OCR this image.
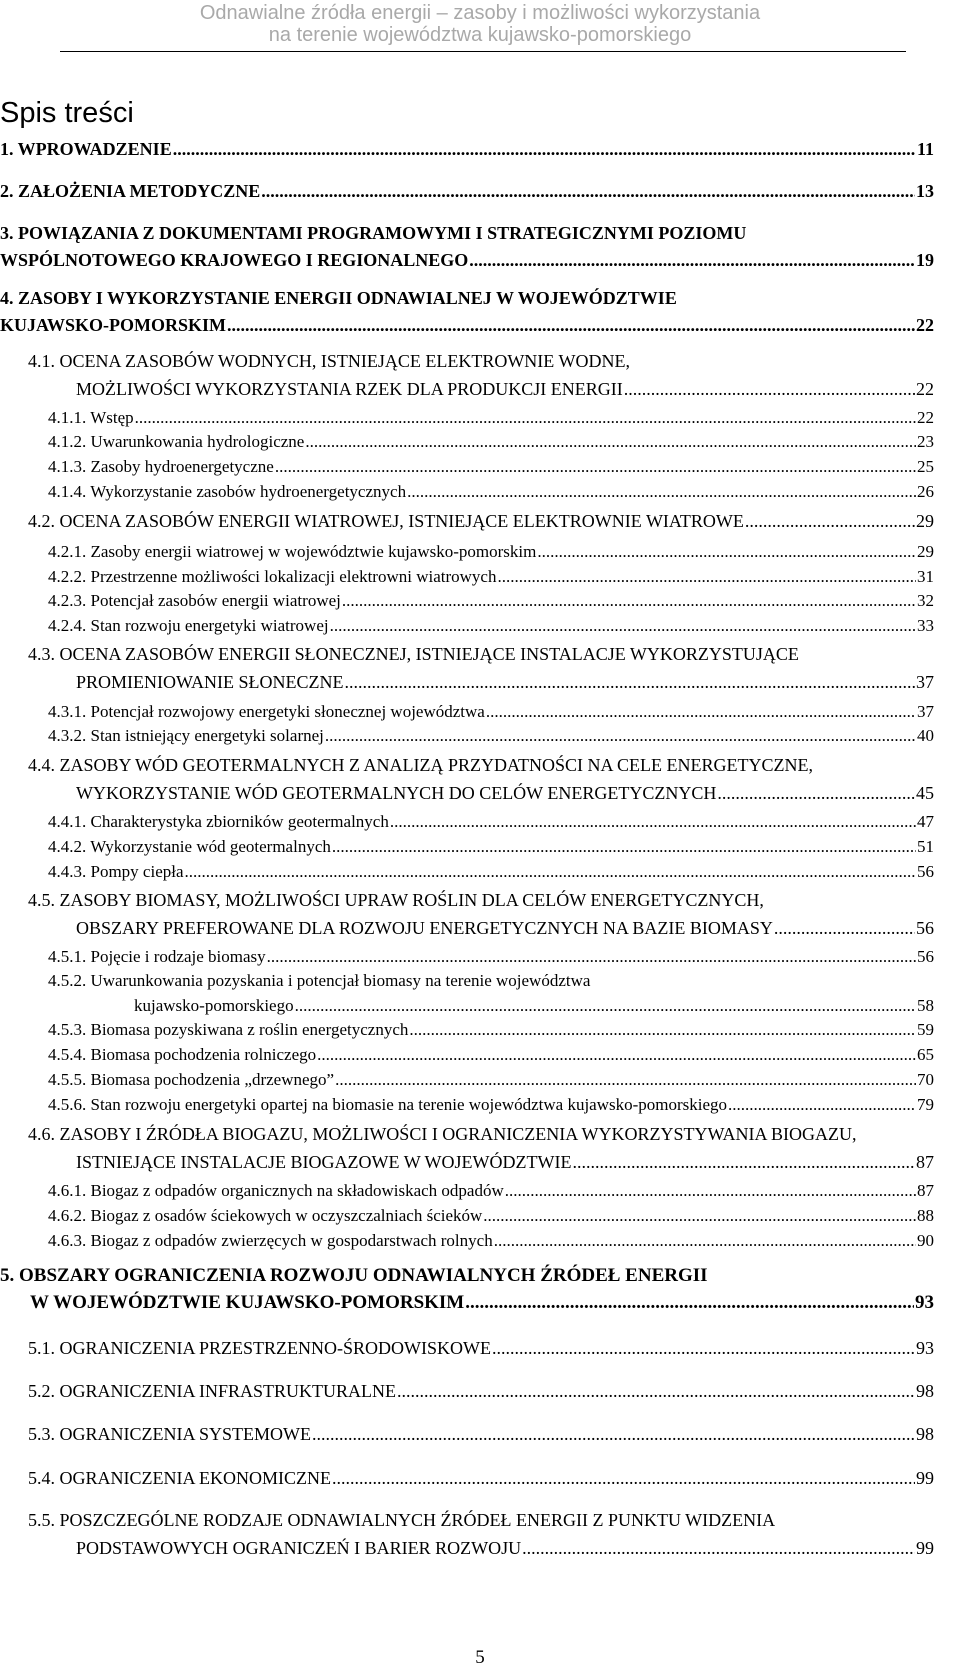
Odnawialne źródła energii – zasoby i możliwości wykorzystania
na terenie województwa kujawsko-pomorskiego
Spis treści
1. WPROWADZENIE .....	11
2. ZAŁOŻENIA METODYCZNE .....	13
3. POWIĄZANIA Z DOKUMENTAMI PROGRAMOWYMI I STRATEGICZNYMI POZIOMU
WSPÓLNOTOWEGO KRAJOWEGO I REGIONALNEGO .....	19
4. ZASOBY I WYKORZYSTANIE ENERGII ODNAWIALNEJ W WOJEWÓDZTWIE
KUJAWSKO-POMORSKIM .....	22
4.1. OCENA ZASOBÓW WODNYCH, ISTNIEJĄCE ELEKTROWNIE WODNE,
MOŻLIWOŚCI WYKORZYSTANIA RZEK DLA PRODUKCJI ENERGII .....	22
4.1.1. Wstęp .....	22
4.1.2. Uwarunkowania hydrologiczne .....	23
4.1.3. Zasoby hydroenergetyczne .....	25
4.1.4. Wykorzystanie zasobów hydroenergetycznych .....	26
4.2. OCENA ZASOBÓW ENERGII WIATROWEJ, ISTNIEJĄCE ELEKTROWNIE WIATROWE .....	29
4.2.1. Zasoby energii wiatrowej w województwie kujawsko-pomorskim .....	29
4.2.2. Przestrzenne możliwości lokalizacji elektrowni wiatrowych .....	31
4.2.3. Potencjał zasobów energii wiatrowej .....	32
4.2.4. Stan rozwoju energetyki wiatrowej .....	33
4.3. OCENA ZASOBÓW ENERGII SŁONECZNEJ, ISTNIEJĄCE INSTALACJE WYKORZYSTUJĄCE
PROMIENIOWANIE SŁONECZNE .....	37
4.3.1. Potencjał rozwojowy energetyki słonecznej województwa .....	37
4.3.2. Stan istniejący energetyki solarnej .....	40
4.4. ZASOBY WÓD GEOTERMALNYCH Z ANALIZĄ PRZYDATNOŚCI NA CELE ENERGETYCZNE,
WYKORZYSTANIE WÓD GEOTERMALNYCH DO CELÓW ENERGETYCZNYCH .....	45
4.4.1. Charakterystyka zbiorników geotermalnych .....	47
4.4.2. Wykorzystanie wód geotermalnych .....	51
4.4.3. Pompy ciepła .....	56
4.5. ZASOBY BIOMASY, MOŻLIWOŚCI UPRAW ROŚLIN DLA CELÓW ENERGETYCZNYCH,
OBSZARY PREFEROWANE DLA ROZWOJU ENERGETYCZNYCH NA BAZIE BIOMASY .....	56
4.5.1. Pojęcie i rodzaje biomasy .....	56
4.5.2. Uwarunkowania pozyskania i potencjał biomasy na terenie województwa
kujawsko-pomorskiego .....	58
4.5.3. Biomasa pozyskiwana z roślin energetycznych .....	59
4.5.4. Biomasa pochodzenia rolniczego .....	65
4.5.5. Biomasa pochodzenia „drzewnego” .....	70
4.5.6. Stan rozwoju energetyki opartej na biomasie na terenie województwa kujawsko-pomorskiego .....	79
4.6. ZASOBY I ŹRÓDŁA BIOGAZU, MOŻLIWOŚCI I OGRANICZENIA WYKORZYSTYWANIA BIOGAZU,
ISTNIEJĄCE INSTALACJE BIOGAZOWE W WOJEWÓDZTWIE .....	87
4.6.1. Biogaz z odpadów organicznych na składowiskach odpadów .....	87
4.6.2. Biogaz z osadów ściekowych w oczyszczalniach ścieków .....	88
4.6.3. Biogaz z odpadów zwierzęcych w gospodarstwach rolnych .....	90
5. OBSZARY OGRANICZENIA ROZWOJU ODNAWIALNYCH ŹRÓDEŁ ENERGII
W WOJEWÓDZTWIE KUJAWSKO-POMORSKIM .....	93
5.1. OGRANICZENIA PRZESTRZENNO-ŚRODOWISKOWE .....	93
5.2. OGRANICZENIA INFRASTRUKTURALNE .....	98
5.3. OGRANICZENIA SYSTEMOWE .....	98
5.4. OGRANICZENIA EKONOMICZNE .....	99
5.5. POSZCZEGÓLNE RODZAJE ODNAWIALNYCH ŹRÓDEŁ ENERGII Z PUNKTU WIDZENIA
PODSTAWOWYCH OGRANICZEŃ I BARIER ROZWOJU .....	99
5
